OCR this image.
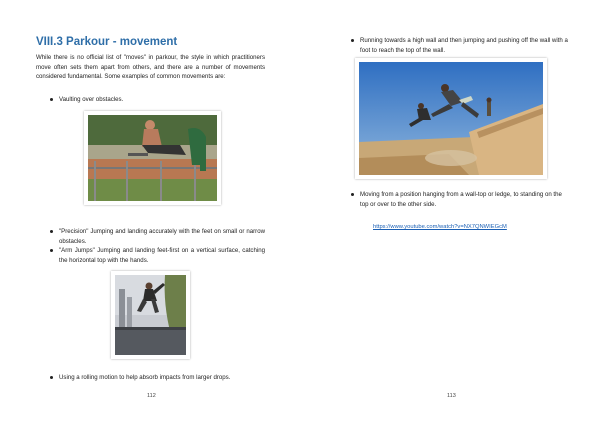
VIII.3 Parkour - movement

While there is no official list of "moves" in parkour, the style in which practitioners move often sets them apart from others, and there are a number of movements considered fundamental. Some examples of common movements are:

Vaulting over obstacles.

"Precision" Jumping and landing accurately with the feet on small or narrow obstacles.

"Arm Jumps" Jumping and landing feet-first on a vertical surface, catching the horizontal top with the hands.

Using a rolling motion to help absorb impacts from larger drops.

112

Running towards a high wall and then jumping and pushing off the wall with a foot to reach the top of the wall.

Moving from a position hanging from a wall-top or ledge, to standing on the top or over to the other side.

113
https://www.youtube.com/watch?v=NX7QNWIEGcM
